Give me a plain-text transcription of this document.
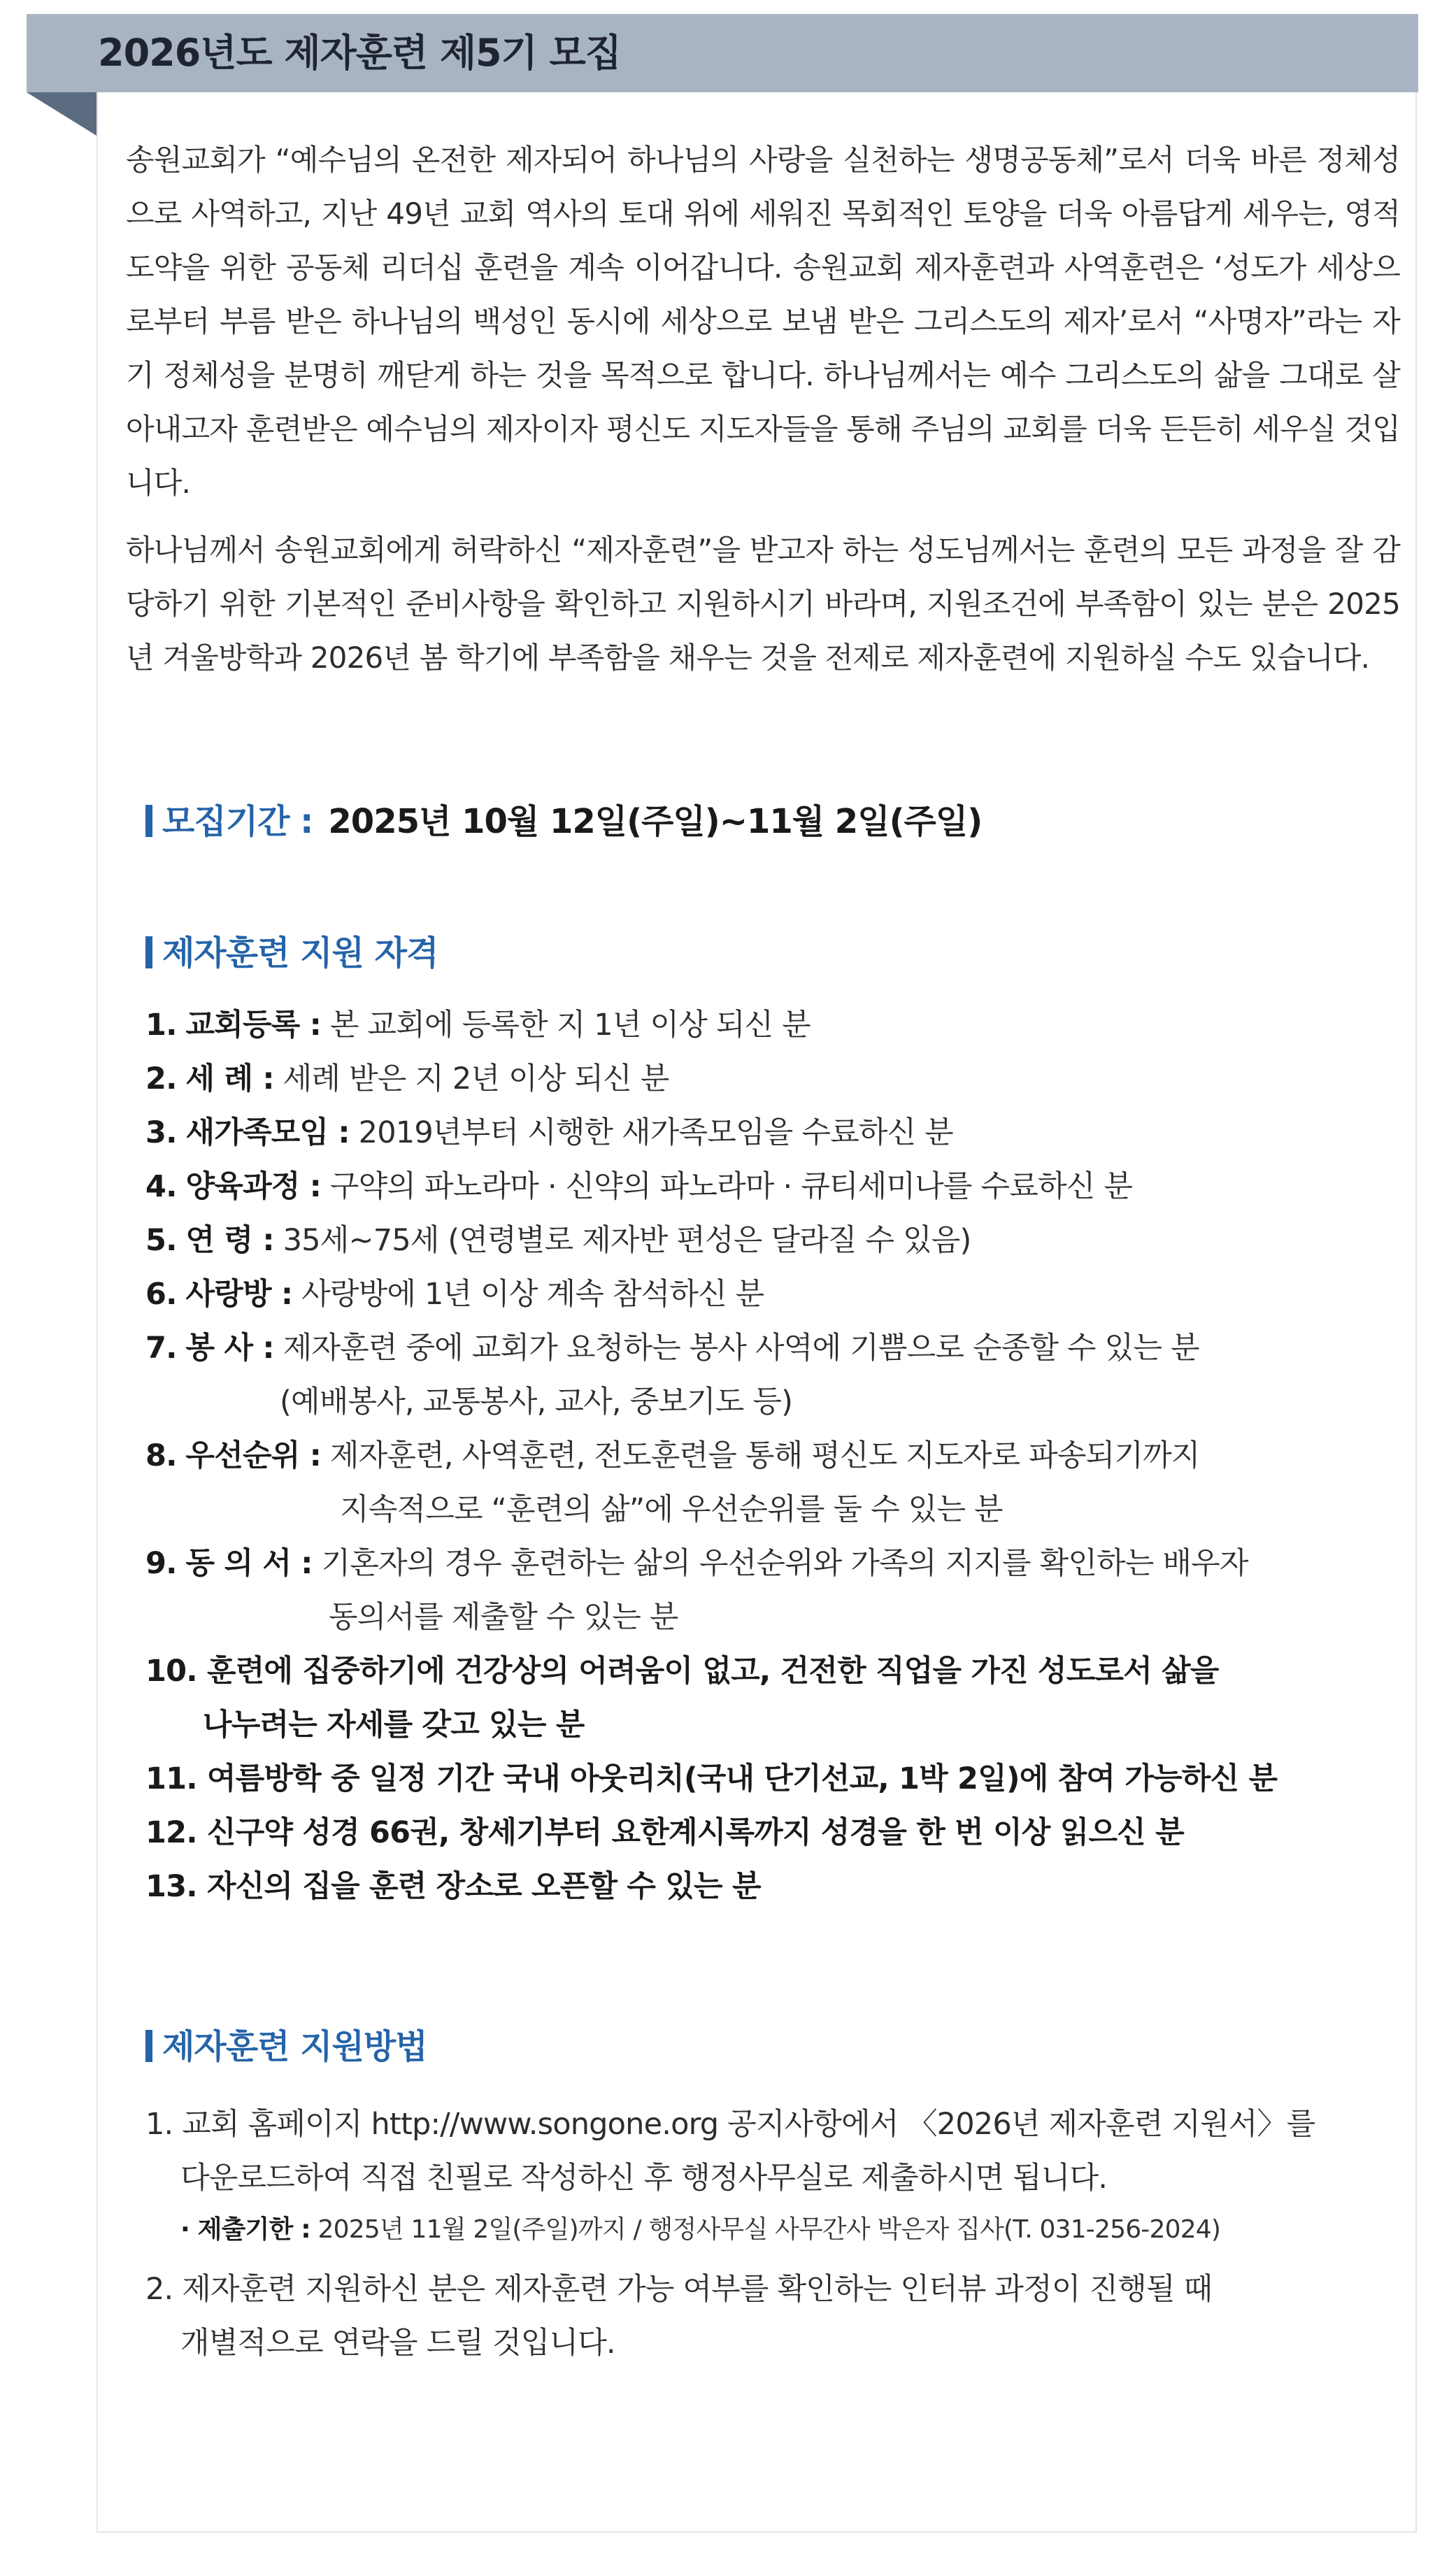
2026년도 제자훈련 제5기 모집

송원교회가 “예수님의 온전한 제자되어 하나님의 사랑을 실천하는 생명공동체”로서 더욱 바른 정체성으로 사역하고, 지난 49년 교회 역사의 토대 위에 세워진 목회적인 토양을 더욱 아름답게 세우는, 영적도약을 위한 공동체 리더십 훈련을 계속 이어갑니다. 송원교회 제자훈련과 사역훈련은 ‘성도가 세상으로부터 부름 받은 하나님의 백성인 동시에 세상으로 보냄 받은 그리스도의 제자’로서 “사명자”라는 자기 정체성을 분명히 깨닫게 하는 것을 목적으로 합니다. 하나님께서는 예수 그리스도의 삶을 그대로 살아내고자 훈련받은 예수님의 제자이자 평신도 지도자들을 통해 주님의 교회를 더욱 든든히 세우실 것입니다.

하나님께서 송원교회에게 허락하신 “제자훈련”을 받고자 하는 성도님께서는 훈련의 모든 과정을 잘 감당하기 위한 기본적인 준비사항을 확인하고 지원하시기 바라며, 지원조건에 부족함이 있는 분은 2025년 겨울방학과 2026년 봄 학기에 부족함을 채우는 것을 전제로 제자훈련에 지원하실 수도 있습니다.

모집기간 : 2025년 10월 12일(주일)~11월 2일(주일)
제자훈련 지원 자격
1. 교회등록 : 본 교회에 등록한 지 1년 이상 되신 분
2. 세 례 : 세례 받은 지 2년 이상 되신 분
3. 새가족모임 : 2019년부터 시행한 새가족모임을 수료하신 분
4. 양육과정 : 구약의 파노라마 · 신약의 파노라마 · 큐티세미나를 수료하신 분
5. 연 령 : 35세~75세 (연령별로 제자반 편성은 달라질 수 있음)
6. 사랑방 : 사랑방에 1년 이상 계속 참석하신 분
7. 봉 사 : 제자훈련 중에 교회가 요청하는 봉사 사역에 기쁨으로 순종할 수 있는 분
(예배봉사, 교통봉사, 교사, 중보기도 등)
8. 우선순위 : 제자훈련, 사역훈련, 전도훈련을 통해 평신도 지도자로 파송되기까지
지속적으로 “훈련의 삶”에 우선순위를 둘 수 있는 분
9. 동 의 서 : 기혼자의 경우 훈련하는 삶의 우선순위와 가족의 지지를 확인하는 배우자
동의서를 제출할 수 있는 분
10. 훈련에 집중하기에 건강상의 어려움이 없고, 건전한 직업을 가진 성도로서 삶을
나누려는 자세를 갖고 있는 분
11. 여름방학 중 일정 기간 국내 아웃리치(국내 단기선교, 1박 2일)에 참여 가능하신 분
12. 신구약 성경 66권, 창세기부터 요한계시록까지 성경을 한 번 이상 읽으신 분
13. 자신의 집을 훈련 장소로 오픈할 수 있는 분
제자훈련 지원방법
1. 교회 홈페이지 http://www.songone.org 공지사항에서 〈2026년 제자훈련 지원서〉를
다운로드하여 직접 친필로 작성하신 후 행정사무실로 제출하시면 됩니다.
· 제출기한 : 2025년 11월 2일(주일)까지 / 행정사무실 사무간사 박은자 집사(T. 031-256-2024)
2. 제자훈련 지원하신 분은 제자훈련 가능 여부를 확인하는 인터뷰 과정이 진행될 때
개별적으로 연락을 드릴 것입니다.
